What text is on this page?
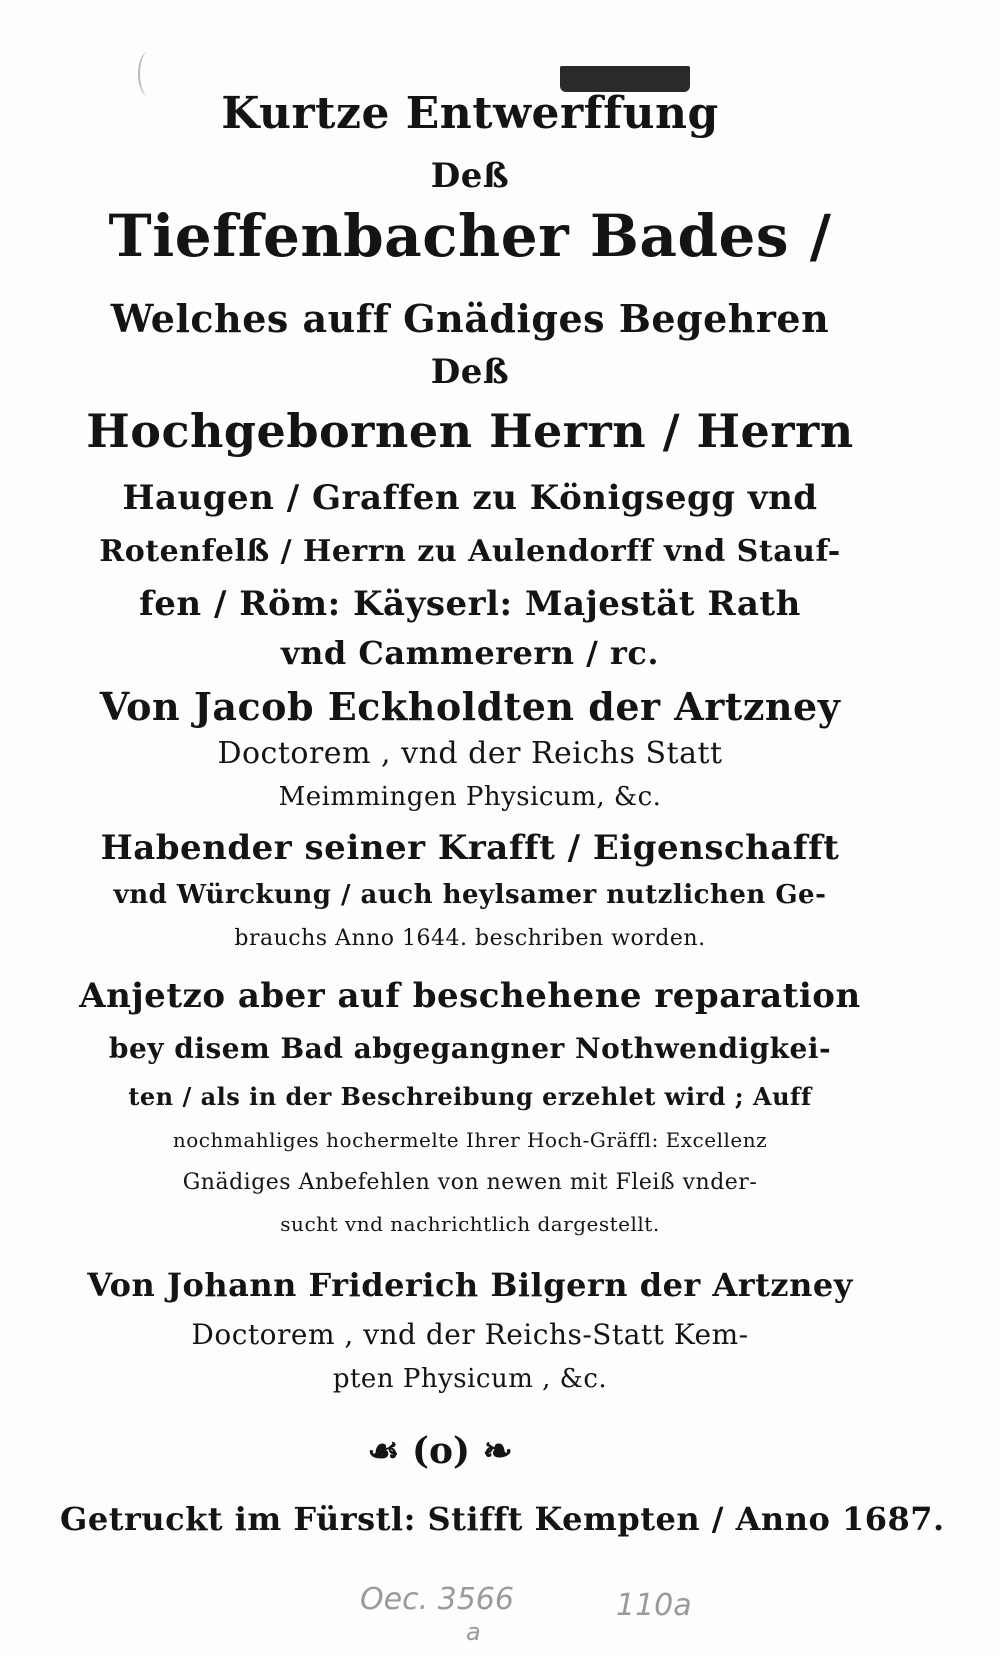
Kurtze Entwerffung
Deß
Tieffenbacher Bades /
Welches auff Gnädiges Begehren
Deß
Hochgebornen Herrn / Herrn
Haugen / Graffen zu Königsegg vnd
Rotenfelß / Herrn zu Aulendorff vnd Stauf-
fen / Röm: Käyserl: Majestät Rath
vnd Cammerern / rc.
Von Jacob Eckholdten der Artzney
Doctorem , vnd der Reichs Statt
Meimmingen Physicum, &c.
Habender seiner Krafft / Eigenschafft
vnd Würckung / auch heylsamer nutzlichen Ge-
brauchs Anno 1644. beschriben worden.
Anjetzo aber auf beschehene reparation
bey disem Bad abgegangner Nothwendigkei-
ten / als in der Beschreibung erzehlet wird ; Auff
nochmahliges hochermelte Ihrer Hoch-Gräffl: Excellenz
Gnädiges Anbefehlen von newen mit Fleiß vnder-
sucht vnd nachrichtlich dargestellt.
Von Johann Friderich Bilgern der Artzney
Doctorem , vnd der Reichs-Statt Kem-
pten Physicum , &c.
☙ (o) ❧
Getruckt im Fürstl: Stifft Kempten / Anno 1687.
Oec. 3566
a
110a
